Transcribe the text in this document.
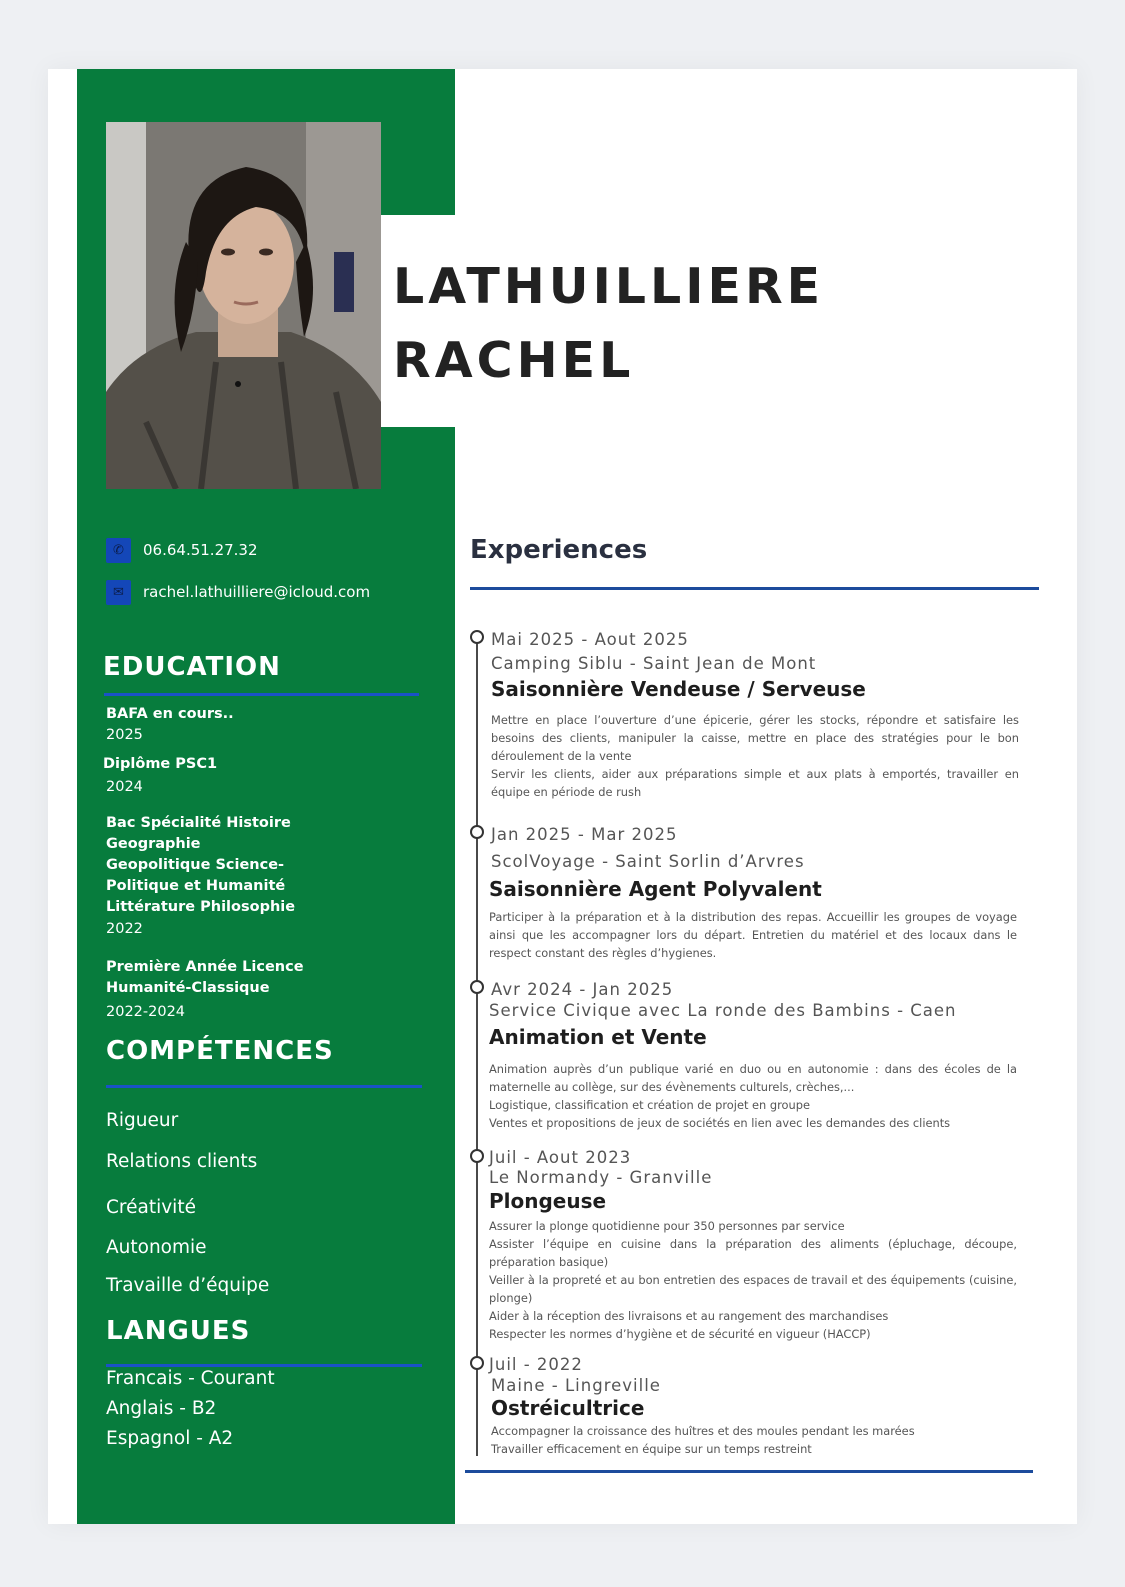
LATHUILLIERE
RACHEL
✆	06.64.51.27.32
✉	rachel.lathuilliere@icloud.com
EDUCATION
BAFA en cours..
2025
Diplôme PSC1
2024
Bac Spécialité Histoire Geographie Geopolitique Science-Politique et Humanité Littérature Philosophie
2022
Première Année Licence Humanité-Classique
2022-2024
COMPÉTENCES
Rigueur
Relations clients
Créativité
Autonomie
Travaille d’équipe
LANGUES
Francais - Courant
Anglais - B2
Espagnol - A2
Experiences
Mai 2025 - Aout 2025
Camping Siblu - Saint Jean de Mont
Saisonnière Vendeuse / Serveuse
Mettre en place l’ouverture d’une épicerie, gérer les stocks, répondre et satisfaire les besoins des clients, manipuler la caisse, mettre en place des stratégies pour le bon déroulement de la vente
Servir les clients, aider aux préparations simple et aux plats à emportés, travailler en équipe en période de rush
Jan 2025 - Mar 2025
ScolVoyage - Saint Sorlin d’Arvres
Saisonnière Agent Polyvalent
Participer à la préparation et à la distribution des repas. Accueillir les groupes de voyage ainsi que les accompagner lors du départ. Entretien du matériel et des locaux dans le respect constant des règles d’hygienes.
Avr 2024 - Jan 2025
Service Civique avec La ronde des Bambins - Caen
Animation et Vente
Animation auprès d’un publique varié en duo ou en autonomie : dans des écoles de la maternelle au collège, sur des évènements culturels, crèches,...
Logistique, classification et création de projet en groupe
Ventes et propositions de jeux de sociétés en lien avec les demandes des clients
Juil - Aout 2023
Le Normandy - Granville
Plongeuse
Assurer la plonge quotidienne pour 350 personnes par service
Assister l’équipe en cuisine dans la préparation des aliments (épluchage, découpe, préparation basique)
Veiller à la propreté et au bon entretien des espaces de travail et des équipements (cuisine, plonge)
Aider à la réception des livraisons et au rangement des marchandises
Respecter les normes d’hygiène et de sécurité en vigueur (HACCP)
Juil - 2022
Maine - Lingreville
Ostréicultrice
Accompagner la croissance des huîtres et des moules pendant les marées
Travailler efficacement en équipe sur un temps restreint
